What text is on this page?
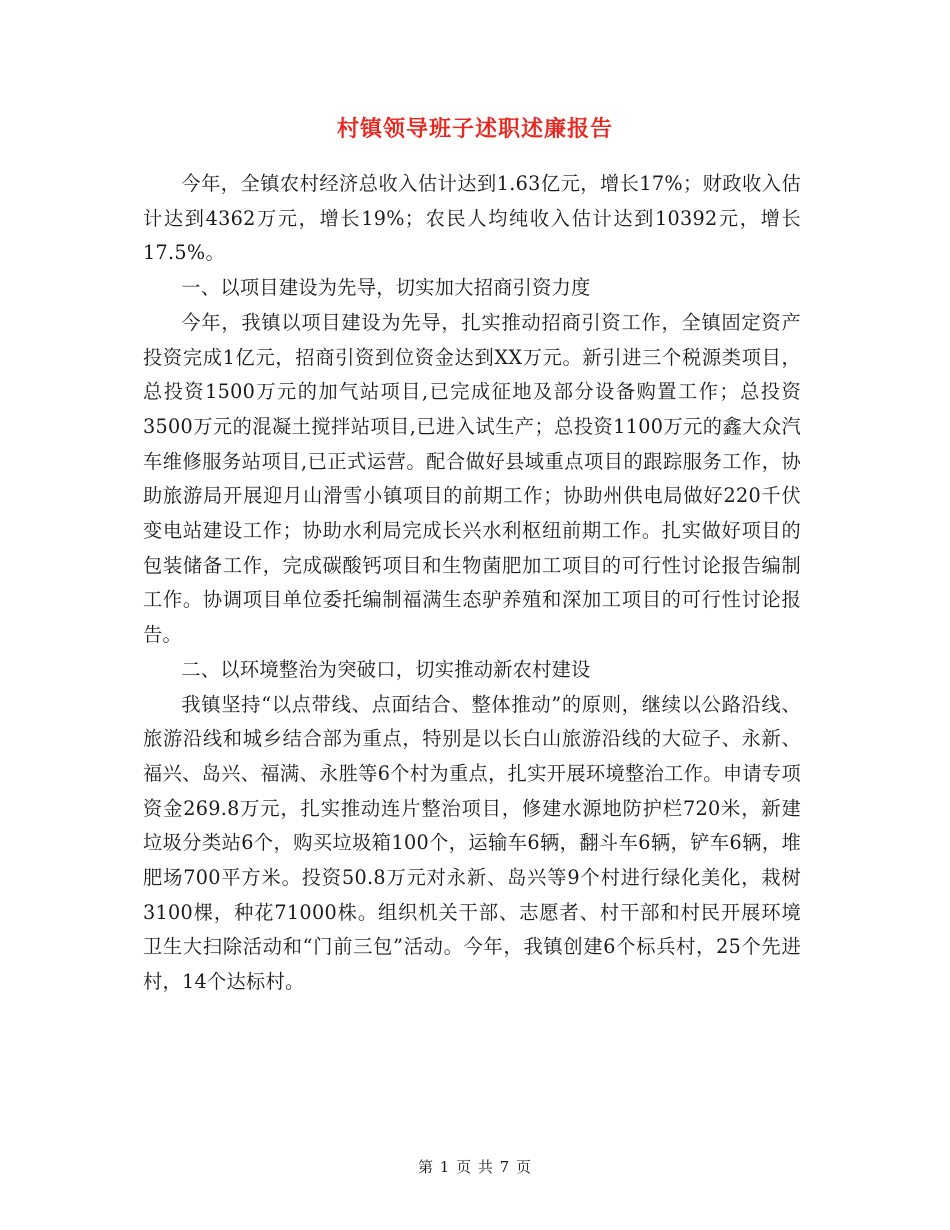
村镇领导班子述职述廉报告

今年，全镇农村经济总收入估计达到1.63亿元，增长17%；财政收入估计达到4362万元，增长19%；农民人均纯收入估计达到10392元，增长17.5%。

一、以项目建设为先导，切实加大招商引资力度

今年，我镇以项目建设为先导，扎实推动招商引资工作，全镇固定资产投资完成1亿元，招商引资到位资金达到XX万元。新引进三个税源类项目，总投资1500万元的加气站项目,已完成征地及部分设备购置工作；总投资3500万元的混凝土搅拌站项目,已进入试生产；总投资1100万元的鑫大众汽车维修服务站项目,已正式运营。配合做好县域重点项目的跟踪服务工作，协助旅游局开展迎月山滑雪小镇项目的前期工作；协助州供电局做好220千伏变电站建设工作；协助水利局完成长兴水利枢纽前期工作。扎实做好项目的包装储备工作，完成碳酸钙项目和生物菌肥加工项目的可行性讨论报告编制工作。协调项目单位委托编制福满生态驴养殖和深加工项目的可行性讨论报告。

二、以环境整治为突破口，切实推动新农村建设

我镇坚持“以点带线、点面结合、整体推动”的原则，继续以公路沿线、旅游沿线和城乡结合部为重点，特别是以长白山旅游沿线的大砬子、永新、福兴、岛兴、福满、永胜等6个村为重点，扎实开展环境整治工作。申请专项资金269.8万元，扎实推动连片整治项目，修建水源地防护栏720米，新建垃圾分类站6个，购买垃圾箱100个，运输车6辆，翻斗车6辆，铲车6辆，堆肥场700平方米。投资50.8万元对永新、岛兴等9个村进行绿化美化，栽树3100棵，种花71000株。组织机关干部、志愿者、村干部和村民开展环境卫生大扫除活动和“门前三包”活动。今年，我镇创建6个标兵村，25个先进村，14个达标村。

第 1 页 共 7 页
